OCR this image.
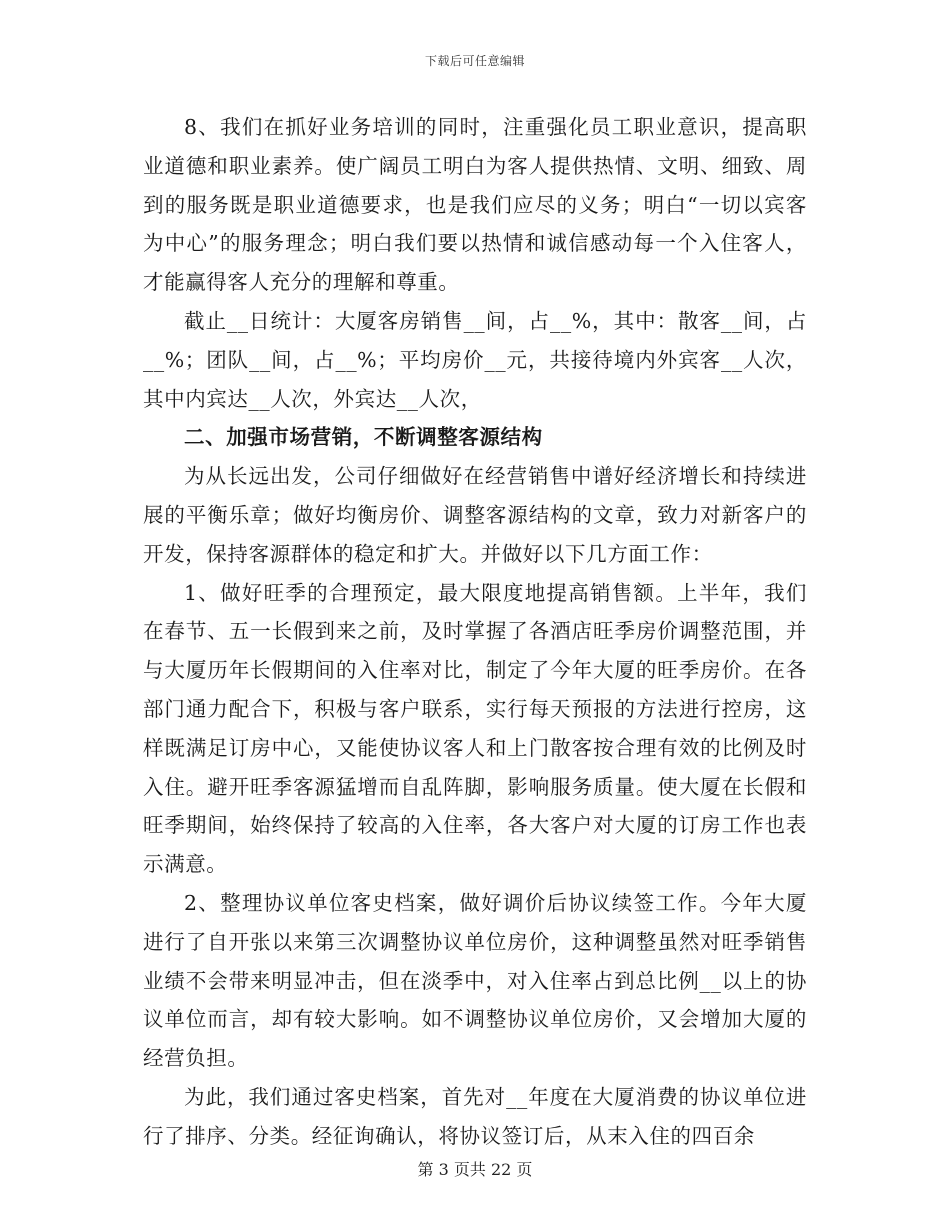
下载后可任意编辑

8、我们在抓好业务培训的同时，注重强化员工职业意识，提高职业道德和职业素养。使广阔员工明白为客人提供热情、文明、细致、周到的服务既是职业道德要求，也是我们应尽的义务；明白“一切以宾客为中心”的服务理念；明白我们要以热情和诚信感动每一个入住客人，才能赢得客人充分的理解和尊重。

截止__日统计：大厦客房销售__间，占__%，其中：散客__间，占__%；团队__间，占__%；平均房价__元，共接待境内外宾客__人次，其中内宾达__人次，外宾达__人次，

二、加强市场营销，不断调整客源结构

为从长远出发，公司仔细做好在经营销售中谱好经济增长和持续进展的平衡乐章；做好均衡房价、调整客源结构的文章，致力对新客户的开发，保持客源群体的稳定和扩大。并做好以下几方面工作：

1、做好旺季的合理预定，最大限度地提高销售额。上半年，我们在春节、五一长假到来之前，及时掌握了各酒店旺季房价调整范围，并与大厦历年长假期间的入住率对比，制定了今年大厦的旺季房价。在各部门通力配合下，积极与客户联系，实行每天预报的方法进行控房，这样既满足订房中心，又能使协议客人和上门散客按合理有效的比例及时入住。避开旺季客源猛增而自乱阵脚，影响服务质量。使大厦在长假和旺季期间，始终保持了较高的入住率，各大客户对大厦的订房工作也表示满意。

2、整理协议单位客史档案，做好调价后协议续签工作。今年大厦进行了自开张以来第三次调整协议单位房价，这种调整虽然对旺季销售业绩不会带来明显冲击，但在淡季中，对入住率占到总比例__以上的协议单位而言，却有较大影响。如不调整协议单位房价，又会增加大厦的经营负担。

为此，我们通过客史档案，首先对__年度在大厦消费的协议单位进行了排序、分类。经征询确认，将协议签订后，从末入住的四百余

第 3 页共 22 页
